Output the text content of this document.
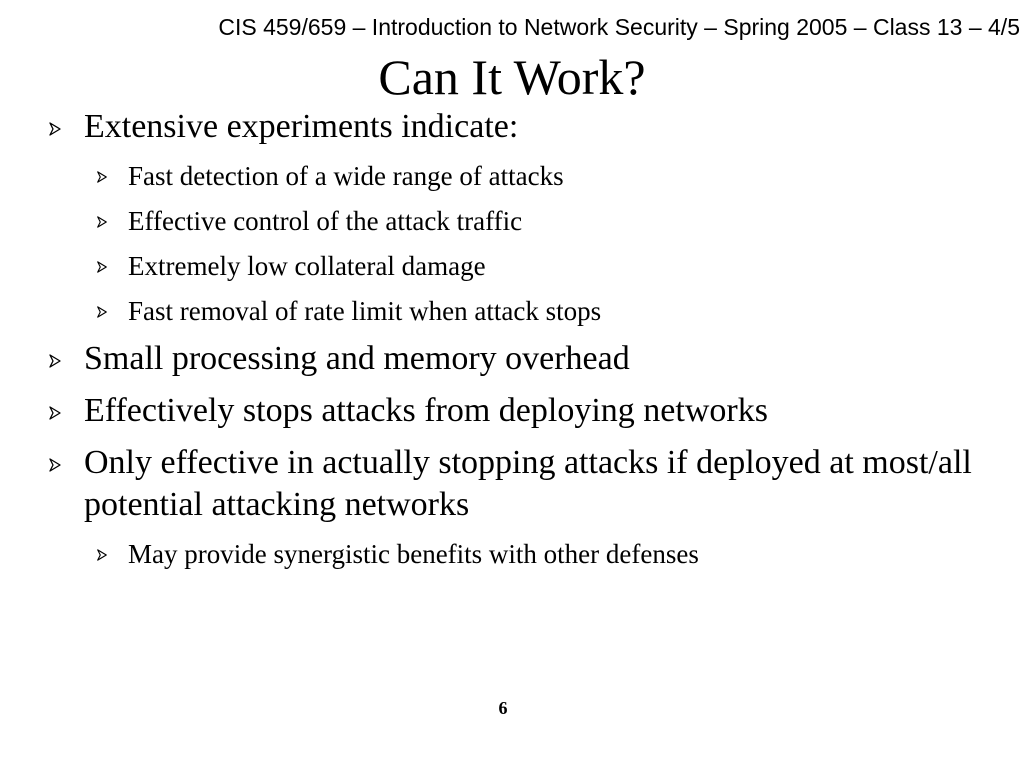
CIS 459/659 – Introduction to Network Security – Spring 2005 – Class 13 – 4/5
Can It Work?
Extensive experiments indicate:
Fast detection of a wide range of attacks
Effective control of the attack traffic
Extremely low collateral damage
Fast removal of rate limit when attack stops
Small processing and memory overhead
Effectively stops attacks from deploying networks
Only effective in actually stopping attacks if deployed at most/all potential attacking networks
May provide synergistic benefits with other defenses
6
